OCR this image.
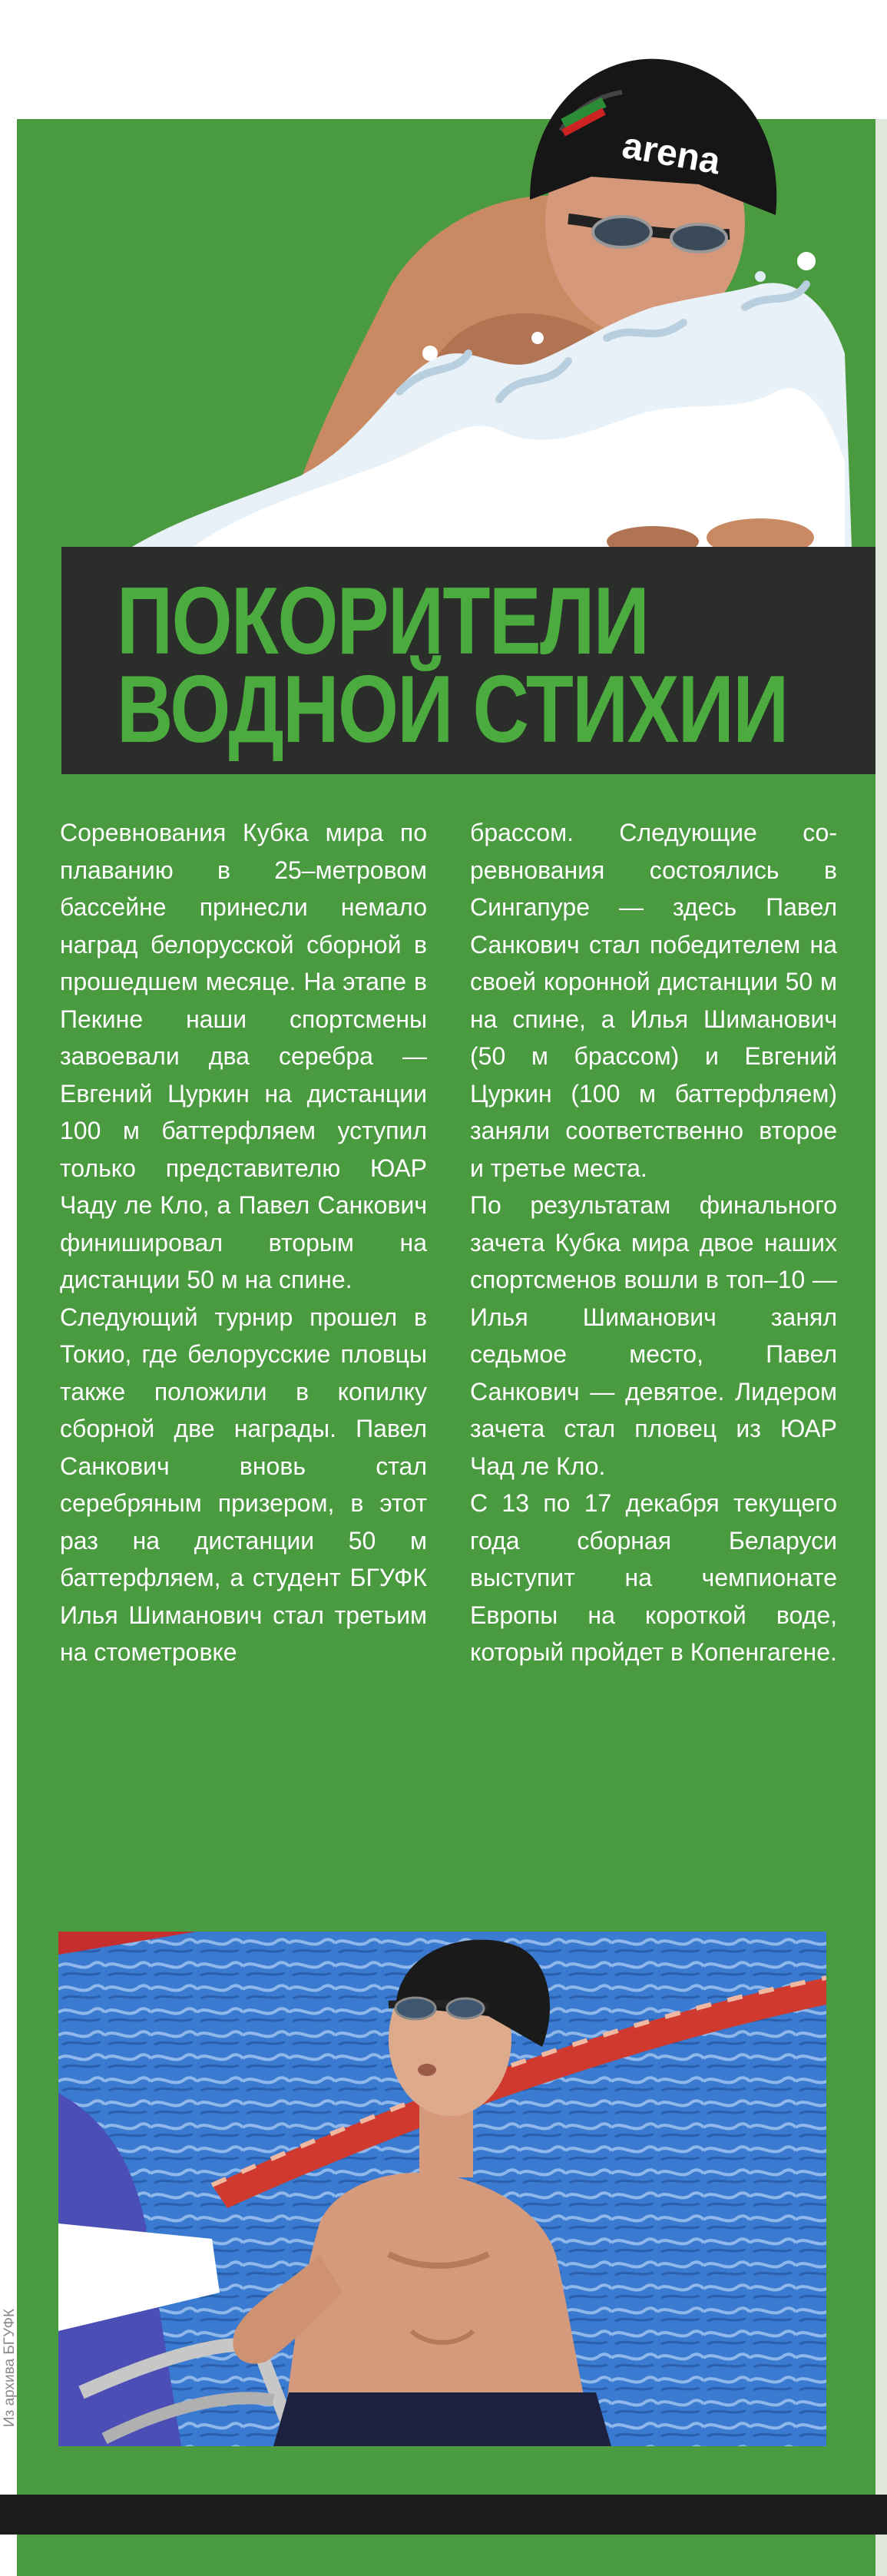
arena
ПОКОРИТЕЛИ
ВОДНОЙ СТИХИИ

Соревнования Кубка мира по плаванию в 25–метровом бассейне принесли немало наград белорусской сборной в прошедшем месяце. На этапе в Пекине наши спортсмены завоевали два серебра — Евгений Цуркин на дистанции 100 м баттерфляем уступил только представителю ЮАР Чаду ле Кло, а Павел Санкович финишировал вторым на дистанции 50 м на спине.

Следующий турнир прошел в Токио, где белорусские пловцы также положили в копилку сборной две награды. Павел Санкович вновь стал серебряным призером, в этот раз на дистанции 50 м баттерфляем, а студент БГУФК Илья Шиманович стал третьим на стометровке

брассом. Следующие соревнования состоялись в Сингапуре — здесь Павел Санкович стал победителем на своей коронной дистанции 50 м на спине, а Илья Шиманович (50 м брассом) и Евгений Цуркин (100 м баттерфляем) заняли соответственно второе и третье места.

По результатам финального зачета Кубка мира двое наших спортсменов вошли в топ–10 — Илья Шиманович занял седьмое место, Павел Санкович — девятое. Лидером зачета стал пловец из ЮАР Чад ле Кло.

С 13 по 17 декабря текущего года сборная Беларуси выступит на чемпионате Европы на короткой воде, который пройдет в Копенгагене.

Из архива БГУФК
